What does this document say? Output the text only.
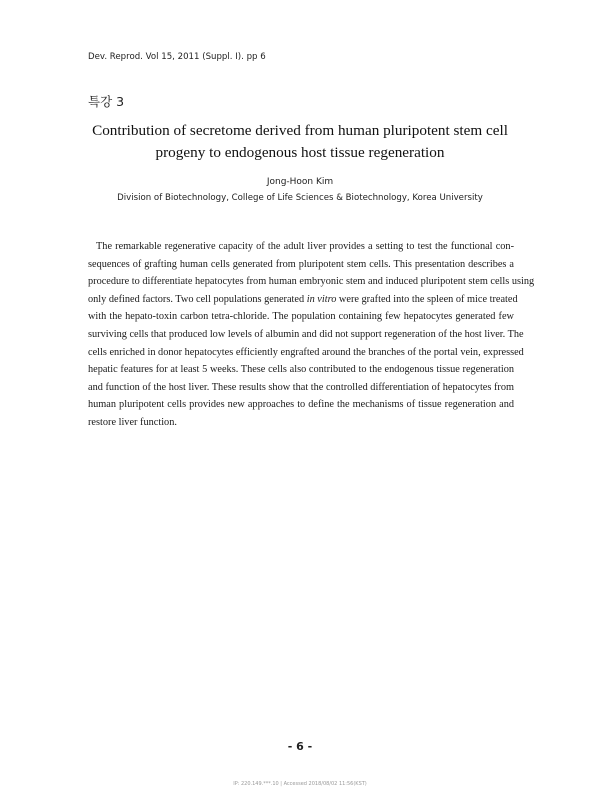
Dev. Reprod. Vol 15, 2011 (Suppl. I). pp 6
특강 3
Contribution of secretome derived from human pluripotent stem cell
progeny to endogenous host tissue regeneration
Jong-Hoon Kim
Division of Biotechnology, College of Life Sciences & Biotechnology, Korea University
The remarkable regenerative capacity of the adult liver provides a setting to test the functional con-
sequences of grafting human cells generated from pluripotent stem cells. This presentation describes a
procedure to differentiate hepatocytes from human embryonic stem and induced pluripotent stem cells using
only defined factors. Two cell populations generated in vitro were grafted into the spleen of mice treated
with the hepato-toxin carbon tetra-chloride. The population containing few hepatocytes generated few
surviving cells that produced low levels of albumin and did not support regeneration of the host liver. The
cells enriched in donor hepatocytes efficiently engrafted around the branches of the portal vein, expressed
hepatic features for at least 5 weeks. These cells also contributed to the endogenous tissue regeneration
and function of the host liver. These results show that the controlled differentiation of hepatocytes from
human pluripotent cells provides new approaches to define the mechanisms of tissue regeneration and
restore liver function.
- 6 -
IP: 220.149.***.10 | Accessed 2018/08/02 11:56(KST)
